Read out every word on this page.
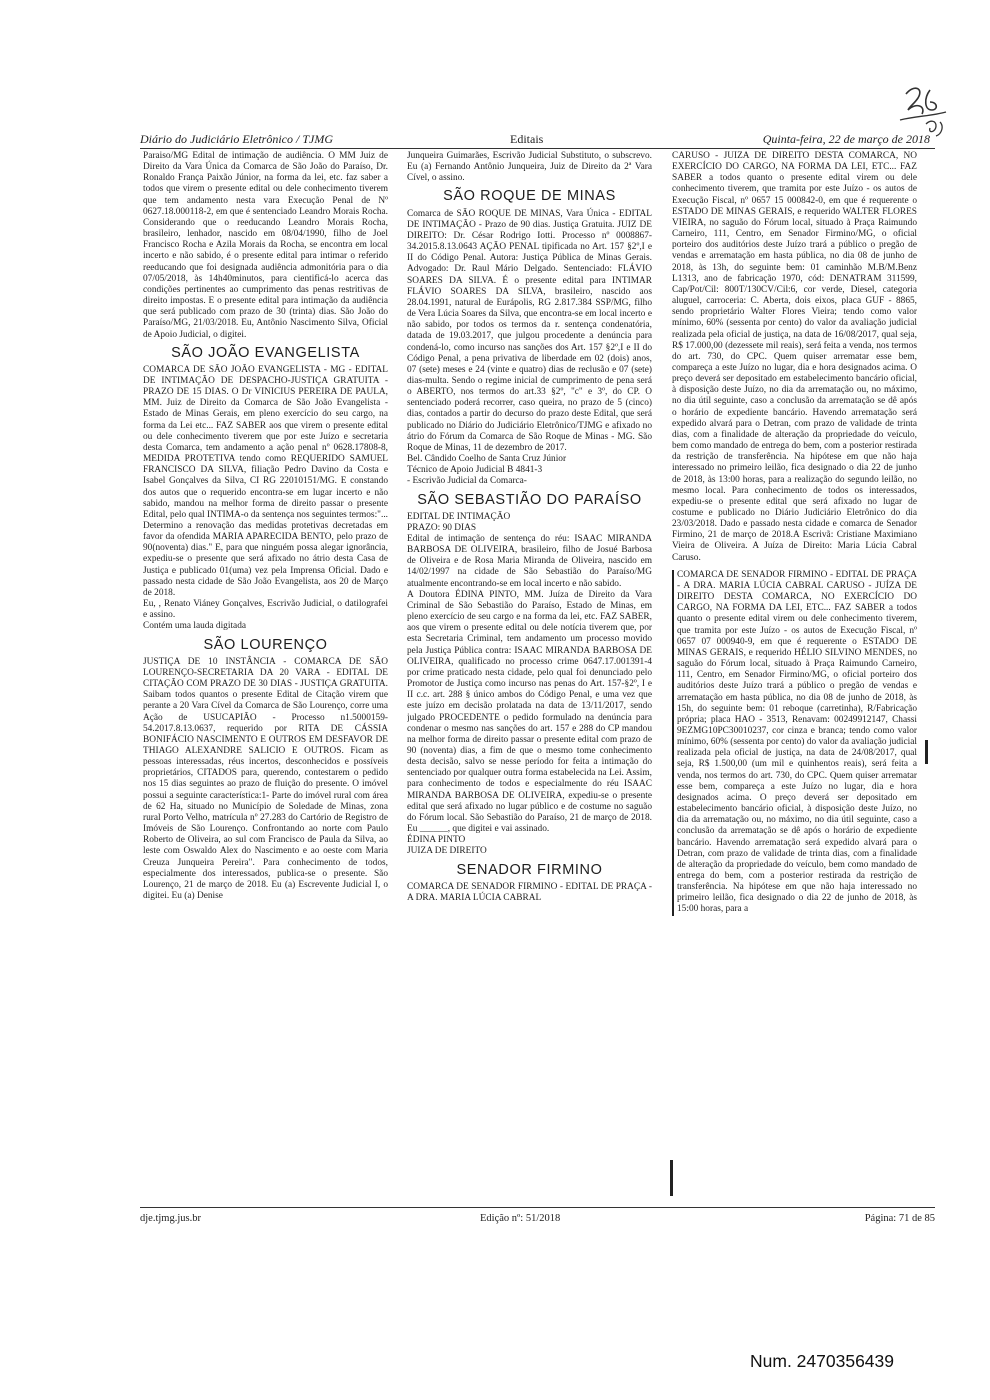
Diário do Judiciário Eletrônico / TJMG	Editais	Quinta-feira, 22 de março de 2018

Paraiso/MG Edital de intimação de audiência. O MM Juiz de Direito da Vara Única da Comarca de São João do Paraíso, Dr. Ronaldo França Paixão Júnior, na forma da lei, etc. faz saber a todos que virem o presente edital ou dele conhecimento tiverem que tem andamento nesta vara Execução Penal de Nº 0627.18.000118-2, em que é sentenciado Leandro Morais Rocha. Considerando que o reeducando Leandro Morais Rocha, brasileiro, lenhador, nascido em 08/04/1990, filho de Joel Francisco Rocha e Azila Morais da Rocha, se encontra em local incerto e não sabido, é o presente edital para intimar o referido reeducando que foi designada audiência admonitória para o dia 07/05/2018, às 14h40minutos, para cientificá-lo acerca das condições pertinentes ao cumprimento das penas restritivas de direito impostas. E o presente edital para intimação da audiência que será publicado com prazo de 30 (trinta) dias. São João do Paraíso/MG, 21/03/2018. Eu, Antônio Nascimento Silva, Oficial de Apoio Judicial, o digitei.

SÃO JOÃO EVANGELISTA

COMARCA DE SÃO JOÃO EVANGELISTA - MG - EDITAL DE INTIMAÇÃO DE DESPACHO-JUSTIÇA GRATUITA - PRAZO DE 15 DIAS. O Dr VINICIUS PEREIRA DE PAULA, MM. Juiz de Direito da Comarca de São João Evangelista - Estado de Minas Gerais, em pleno exercício do seu cargo, na forma da Lei etc... FAZ SABER aos que virem o presente edital ou dele conhecimento tiverem que por este Juízo e secretaria desta Comarca, tem andamento a ação penal nº 0628.17808-8, MEDIDA PROTETIVA tendo como REQUERIDO SAMUEL FRANCISCO DA SILVA, filiação Pedro Davino da Costa e Isabel Gonçalves da Silva, CI RG 22010151/MG. E constando dos autos que o requerido encontra-se em lugar incerto e não sabido, mandou na melhor forma de direito passar o presente Edital, pelo qual INTIMA-o da sentença nos seguintes termos:"... Determino a renovação das medidas protetivas decretadas em favor da ofendida MARIA APARECIDA BENTO, pelo prazo de 90(noventa) dias." E, para que ninguém possa alegar ignorância, expediu-se o presente que será afixado no átrio desta Casa de Justiça e publicado 01(uma) vez pela Imprensa Oficial. Dado e passado nesta cidade de São João Evangelista, aos 20 de Março de 2018.

Eu, , Renato Viáney Gonçalves, Escrivão Judicial, o datilografei e assino.

Contém uma lauda digitada

SÃO LOURENÇO

JUSTIÇA DE 10 INSTÂNCIA - COMARCA DE SÃO LOURENÇO-SECRETARIA DA 20 VARA - EDITAL DE CITAÇÃO COM PRAZO DE 30 DIAS - JUSTIÇA GRATUITA. Saibam todos quantos o presente Edital de Citação virem que perante a 20 Vara Cível da Comarca de São Lourenço, corre uma Ação de USUCAPIÃO - Processo n1.5000159-54.2017.8.13.0637, requerido por RITA DE CÁSSIA BONIFÁCIO NASCIMENTO E OUTROS EM DESFAVOR DE THIAGO ALEXANDRE SALICIO E OUTROS. Ficam as pessoas interessadas, réus incertos, desconhecidos e possíveis proprietários, CITADOS para, querendo, contestarem o pedido nos 15 dias seguintes ao prazo de fluição do presente. O imóvel possui a seguinte característica:1- Parte do imóvel rural com área de 62 Ha, situado no Município de Soledade de Minas, zona rural Porto Velho, matrícula nº 27.283 do Cartório de Registro de Imóveis de São Lourenço. Confrontando ao norte com Paulo Roberto de Oliveira, ao sul com Francisco de Paula da Silva, ao leste com Oswaldo Alex do Nascimento e ao oeste com Maria Creuza Junqueira Pereira". Para conhecimento de todos, especialmente dos interessados, publica-se o presente. São Lourenço, 21 de março de 2018. Eu (a) Escrevente Judicial I, o digitei. Eu (a) Denise

Junqueira Guimarães, Escrivão Judicial Substituto, o subscrevo. Eu (a) Fernando Antônio Junqueira, Juiz de Direito da 2ª Vara Cível, o assino.

SÃO ROQUE DE MINAS

Comarca de SÃO ROQUE DE MINAS, Vara Única - EDITAL DE INTIMAÇÃO - Prazo de 90 dias. Justiça Gratuita. JUIZ DE DIREITO: Dr. César Rodrigo Iotti. Processo nº 0008867-34.2015.8.13.0643 AÇÃO PENAL tipificada no Art. 157 §2º,I e II do Código Penal. Autora: Justiça Pública de Minas Gerais. Advogado: Dr. Raul Mário Delgado. Sentenciado: FLÁVIO SOARES DA SILVA. É o presente edital para INTIMAR FLÁVIO SOARES DA SILVA, brasileiro, nascido aos 28.04.1991, natural de Eurápolis, RG 2.817.384 SSP/MG, filho de Vera Lúcia Soares da Silva, que encontra-se em local incerto e não sabido, por todos os termos da r. sentença condenatória, datada de 19.03.2017, que julgou procedente a denúncia para condená-lo, como incurso nas sanções dos Art. 157 §2º,I e II do Código Penal, a pena privativa de liberdade em 02 (dois) anos, 07 (sete) meses e 24 (vinte e quatro) dias de reclusão e 07 (sete) dias-multa. Sendo o regime inicial de cumprimento de pena será o ABERTO, nos termos do art.33 §2º, "c" e 3º, do CP. O sentenciado poderá recorrer, caso queira, no prazo de 5 (cinco) dias, contados a partir do decurso do prazo deste Edital, que será publicado no Diário do Judiciário Eletrônico/TJMG e afixado no átrio do Fórum da Comarca de São Roque de Minas - MG. São Roque de Minas, 11 de dezembro de 2017.

Bel. Cândido Coelho de Santa Cruz Júnior

Técnico de Apoio Judicial B 4841-3

- Escrivão Judicial da Comarca-

SÃO SEBASTIÃO DO PARAÍSO

EDITAL DE INTIMAÇÃO

PRAZO: 90 DIAS

Edital de intimação de sentença do réu: ISAAC MIRANDA BARBOSA DE OLIVEIRA, brasileiro, filho de Josué Barbosa de Oliveira e de Rosa Maria Miranda de Oliveira, nascido em 14/02/1997 na cidade de São Sebastião do Paraíso/MG atualmente encontrando-se em local incerto e não sabido.

A Doutora ÉDINA PINTO, MM. Juíza de Direito da Vara Criminal de São Sebastião do Paraíso, Estado de Minas, em pleno exercício de seu cargo e na forma da lei, etc. FAZ SABER, aos que virem o presente edital ou dele notícia tiverem que, por esta Secretaria Criminal, tem andamento um processo movido pela Justiça Pública contra: ISAAC MIRANDA BARBOSA DE OLIVEIRA, qualificado no processo crime 0647.17.001391-4 por crime praticado nesta cidade, pelo qual foi denunciado pelo Promotor de Justiça como incurso nas penas do Art. 157-§2º, I e II c.c. art. 288 § único ambos do Código Penal, e uma vez que este juízo em decisão prolatada na data de 13/11/2017, sendo julgado PROCEDENTE o pedido formulado na denúncia para condenar o mesmo nas sanções do art. 157 e 288 do CP mandou na melhor forma de direito passar o presente edital com prazo de 90 (noventa) dias, a fim de que o mesmo tome conhecimento desta decisão, salvo se nesse período for feita a intimação do sentenciado por qualquer outra forma estabelecida na Lei. Assim, para conhecimento de todos e especialmente do réu ISAAC MIRANDA BARBOSA DE OLIVEIRA, expediu-se o presente edital que será afixado no lugar público e de costume no saguão do Fórum local. São Sebastião do Paraíso, 21 de março de 2018. Eu ______, que digitei e vai assinado.

ÉDINA PINTO

JUIZA DE DIREITO

SENADOR FIRMINO

COMARCA DE SENADOR FIRMINO - EDITAL DE PRAÇA - A DRA. MARIA LÚCIA CABRAL

CARUSO - JUÍZA DE DIREITO DESTA COMARCA, NO EXERCÍCIO DO CARGO, NA FORMA DA LEI, ETC... FAZ SABER a todos quanto o presente edital virem ou dele conhecimento tiverem, que tramita por este Juízo - os autos de Execução Fiscal, nº 0657 15 000842-0, em que é requerente o ESTADO DE MINAS GERAIS, e requerido WALTER FLORES VIEIRA, no saguão do Fórum local, situado à Praça Raimundo Carneiro, 111, Centro, em Senador Firmino/MG, o oficial porteiro dos auditórios deste Juízo trará a público o pregão de vendas e arrematação em hasta pública, no dia 08 de junho de 2018, às 13h, do seguinte bem: 01 caminhão M.B/M.Benz L1313, ano de fabricação 1970, cód: DENATRAM 311599, Cap/Pot/Cil: 800T/130CV/Cil:6, cor verde, Diesel, categoria aluguel, carroceria: C. Aberta, dois eixos, placa GUF - 8865, sendo proprietário Walter Flores Vieira; tendo como valor mínimo, 60% (sessenta por cento) do valor da avaliação judicial realizada pela oficial de justiça, na data de 16/08/2017, qual seja, R$ 17.000,00 (dezessete mil reais), será feita a venda, nos termos do art. 730, do CPC. Quem quiser arrematar esse bem, compareça a este Juízo no lugar, dia e hora designados acima. O preço deverá ser depositado em estabelecimento bancário oficial, à disposição deste Juízo, no dia da arrematação ou, no máximo, no dia útil seguinte, caso a conclusão da arrematação se dê após o horário de expediente bancário. Havendo arrematação será expedido alvará para o Detran, com prazo de validade de trinta dias, com a finalidade de alteração da propriedade do veículo, bem como mandado de entrega do bem, com a posterior restirada da restrição de transferência. Na hipótese em que não haja interessado no primeiro leilão, fica designado o dia 22 de junho de 2018, às 13:00 horas, para a realização do segundo leilão, no mesmo local. Para conhecimento de todos os interessados, expediu-se o presente edital que será afixado no lugar de costume e publicado no Diário Judiciário Eletrônico do dia 23/03/2018. Dado e passado nesta cidade e comarca de Senador Firmino, 21 de março de 2018.A Escrivã: Cristiane Maximiano Vieira de Oliveira. A Juíza de Direito: Maria Lúcia Cabral Caruso.

COMARCA DE SENADOR FIRMINO - EDITAL DE PRAÇA - A DRA. MARIA LÚCIA CABRAL CARUSO - JUÍZA DE DIREITO DESTA COMARCA, NO EXERCÍCIO DO CARGO, NA FORMA DA LEI, ETC... FAZ SABER a todos quanto o presente edital virem ou dele conhecimento tiverem, que tramita por este Juízo - os autos de Execução Fiscal, nº 0657 07 000940-9, em que é requerente o ESTADO DE MINAS GERAIS, e requerido HÉLIO SILVINO MENDES, no saguão do Fórum local, situado à Praça Raimundo Carneiro, 111, Centro, em Senador Firmino/MG, o oficial porteiro dos auditórios deste Juízo trará a público o pregão de vendas e arrematação em hasta pública, no dia 08 de junho de 2018, às 15h, do seguinte bem: 01 reboque (carretinha), R/Fabricação própria; placa HAO - 3513, Renavam: 00249912147, Chassi 9EZMG10PC30010237, cor cinza e branca; tendo como valor mínimo, 60% (sessenta por cento) do valor da avaliação judicial realizada pela oficial de justiça, na data de 24/08/2017, qual seja, R$ 1.500,00 (um mil e quinhentos reais), será feita a venda, nos termos do art. 730, do CPC. Quem quiser arrematar esse bem, compareça a este Juízo no lugar, dia e hora designados acima. O preço deverá ser depositado em estabelecimento bancário oficial, à disposição deste Juízo, no dia da arrematação ou, no máximo, no dia útil seguinte, caso a conclusão da arrematação se dê após o horário de expediente bancário. Havendo arrematação será expedido alvará para o Detran, com prazo de validade de trinta dias, com a finalidade de alteração da propriedade do veículo, bem como mandado de entrega do bem, com a posterior restirada da restrição de transferência. Na hipótese em que não haja interessado no primeiro leilão, fica designado o dia 22 de junho de 2018, às 15:00 horas, para a

dje.tjmg.jus.br	Edição nº: 51/2018	Página: 71 de 85
Num. 2470356439
